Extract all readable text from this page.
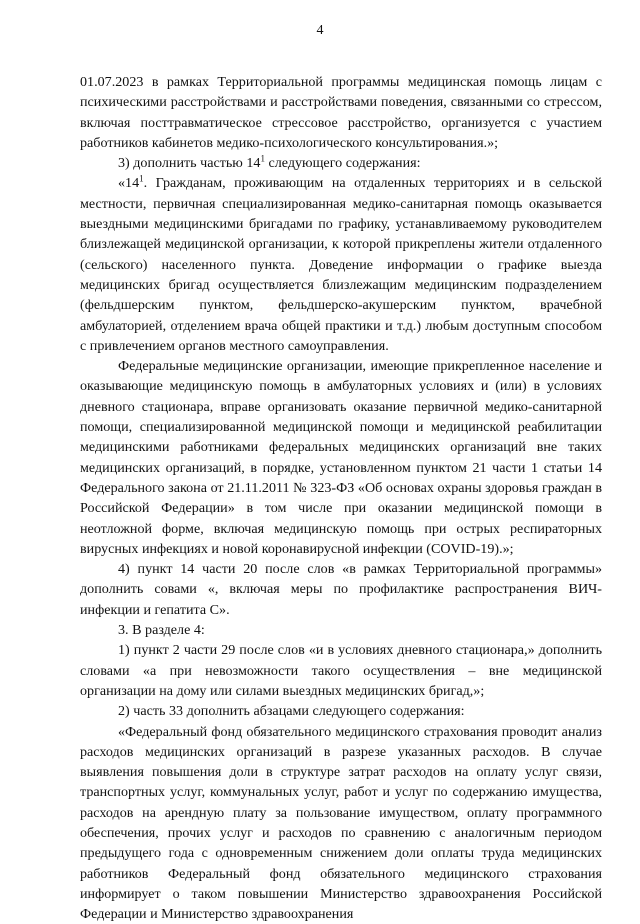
4

01.07.2023 в рамках Территориальной программы медицинская помощь лицам с психическими расстройствами и расстройствами поведения, связанными со стрессом, включая посттравматическое стрессовое расстройство, организуется с участием работников кабинетов медико-психологического консультирования.»;

3) дополнить частью $14^1$ следующего содержания:

«$14^1$. Гражданам, проживающим на отдаленных территориях и в сельской местности, первичная специализированная медико-санитарная помощь оказывается выездными медицинскими бригадами по графику, устанавливаемому руководителем близлежащей медицинской организации, к которой прикреплены жители отдаленного (сельского) населенного пункта. Доведение информации о графике выезда медицинских бригад осуществляется близлежащим медицинским подразделением (фельдшерским пунктом, фельдшерско-акушерским пунктом, врачебной амбулаторией, отделением врача общей практики и т.д.) любым доступным способом с привлечением органов местного самоуправления.

Федеральные медицинские организации, имеющие прикрепленное население и оказывающие медицинскую помощь в амбулаторных условиях и (или) в условиях дневного стационара, вправе организовать оказание первичной медико-санитарной помощи, специализированной медицинской помощи и медицинской реабилитации медицинскими работниками федеральных медицинских организаций вне таких медицинских организаций, в порядке, установленном пунктом 21 части 1 статьи 14 Федерального закона от 21.11.2011 № 323-ФЗ «Об основах охраны здоровья граждан в Российской Федерации» в том числе при оказании медицинской помощи в неотложной форме, включая медицинскую помощь при острых респираторных вирусных инфекциях и новой коронавирусной инфекции (COVID-19).»;

4) пункт 14 части 20 после слов «в рамках Территориальной программы» дополнить совами «, включая меры по профилактике распространения ВИЧ-инфекции и гепатита С».

3. В разделе 4:

1) пункт 2 части 29 после слов «и в условиях дневного стационара,» дополнить словами «а при невозможности такого осуществления – вне медицинской организации на дому или силами выездных медицинских бригад,»;

2) часть 33 дополнить абзацами следующего содержания:

«Федеральный фонд обязательного медицинского страхования проводит анализ расходов медицинских организаций в разрезе указанных расходов. В случае выявления повышения доли в структуре затрат расходов на оплату услуг связи, транспортных услуг, коммунальных услуг, работ и услуг по содержанию имущества, расходов на арендную плату за пользование имуществом, оплату программного обеспечения, прочих услуг и расходов по сравнению с аналогичным периодом предыдущего года с одновременным снижением доли оплаты труда медицинских работников Федеральный фонд обязательного медицинского страхования информирует о таком повышении Министерство здравоохранения Российской Федерации и Министерство здравоохранения
